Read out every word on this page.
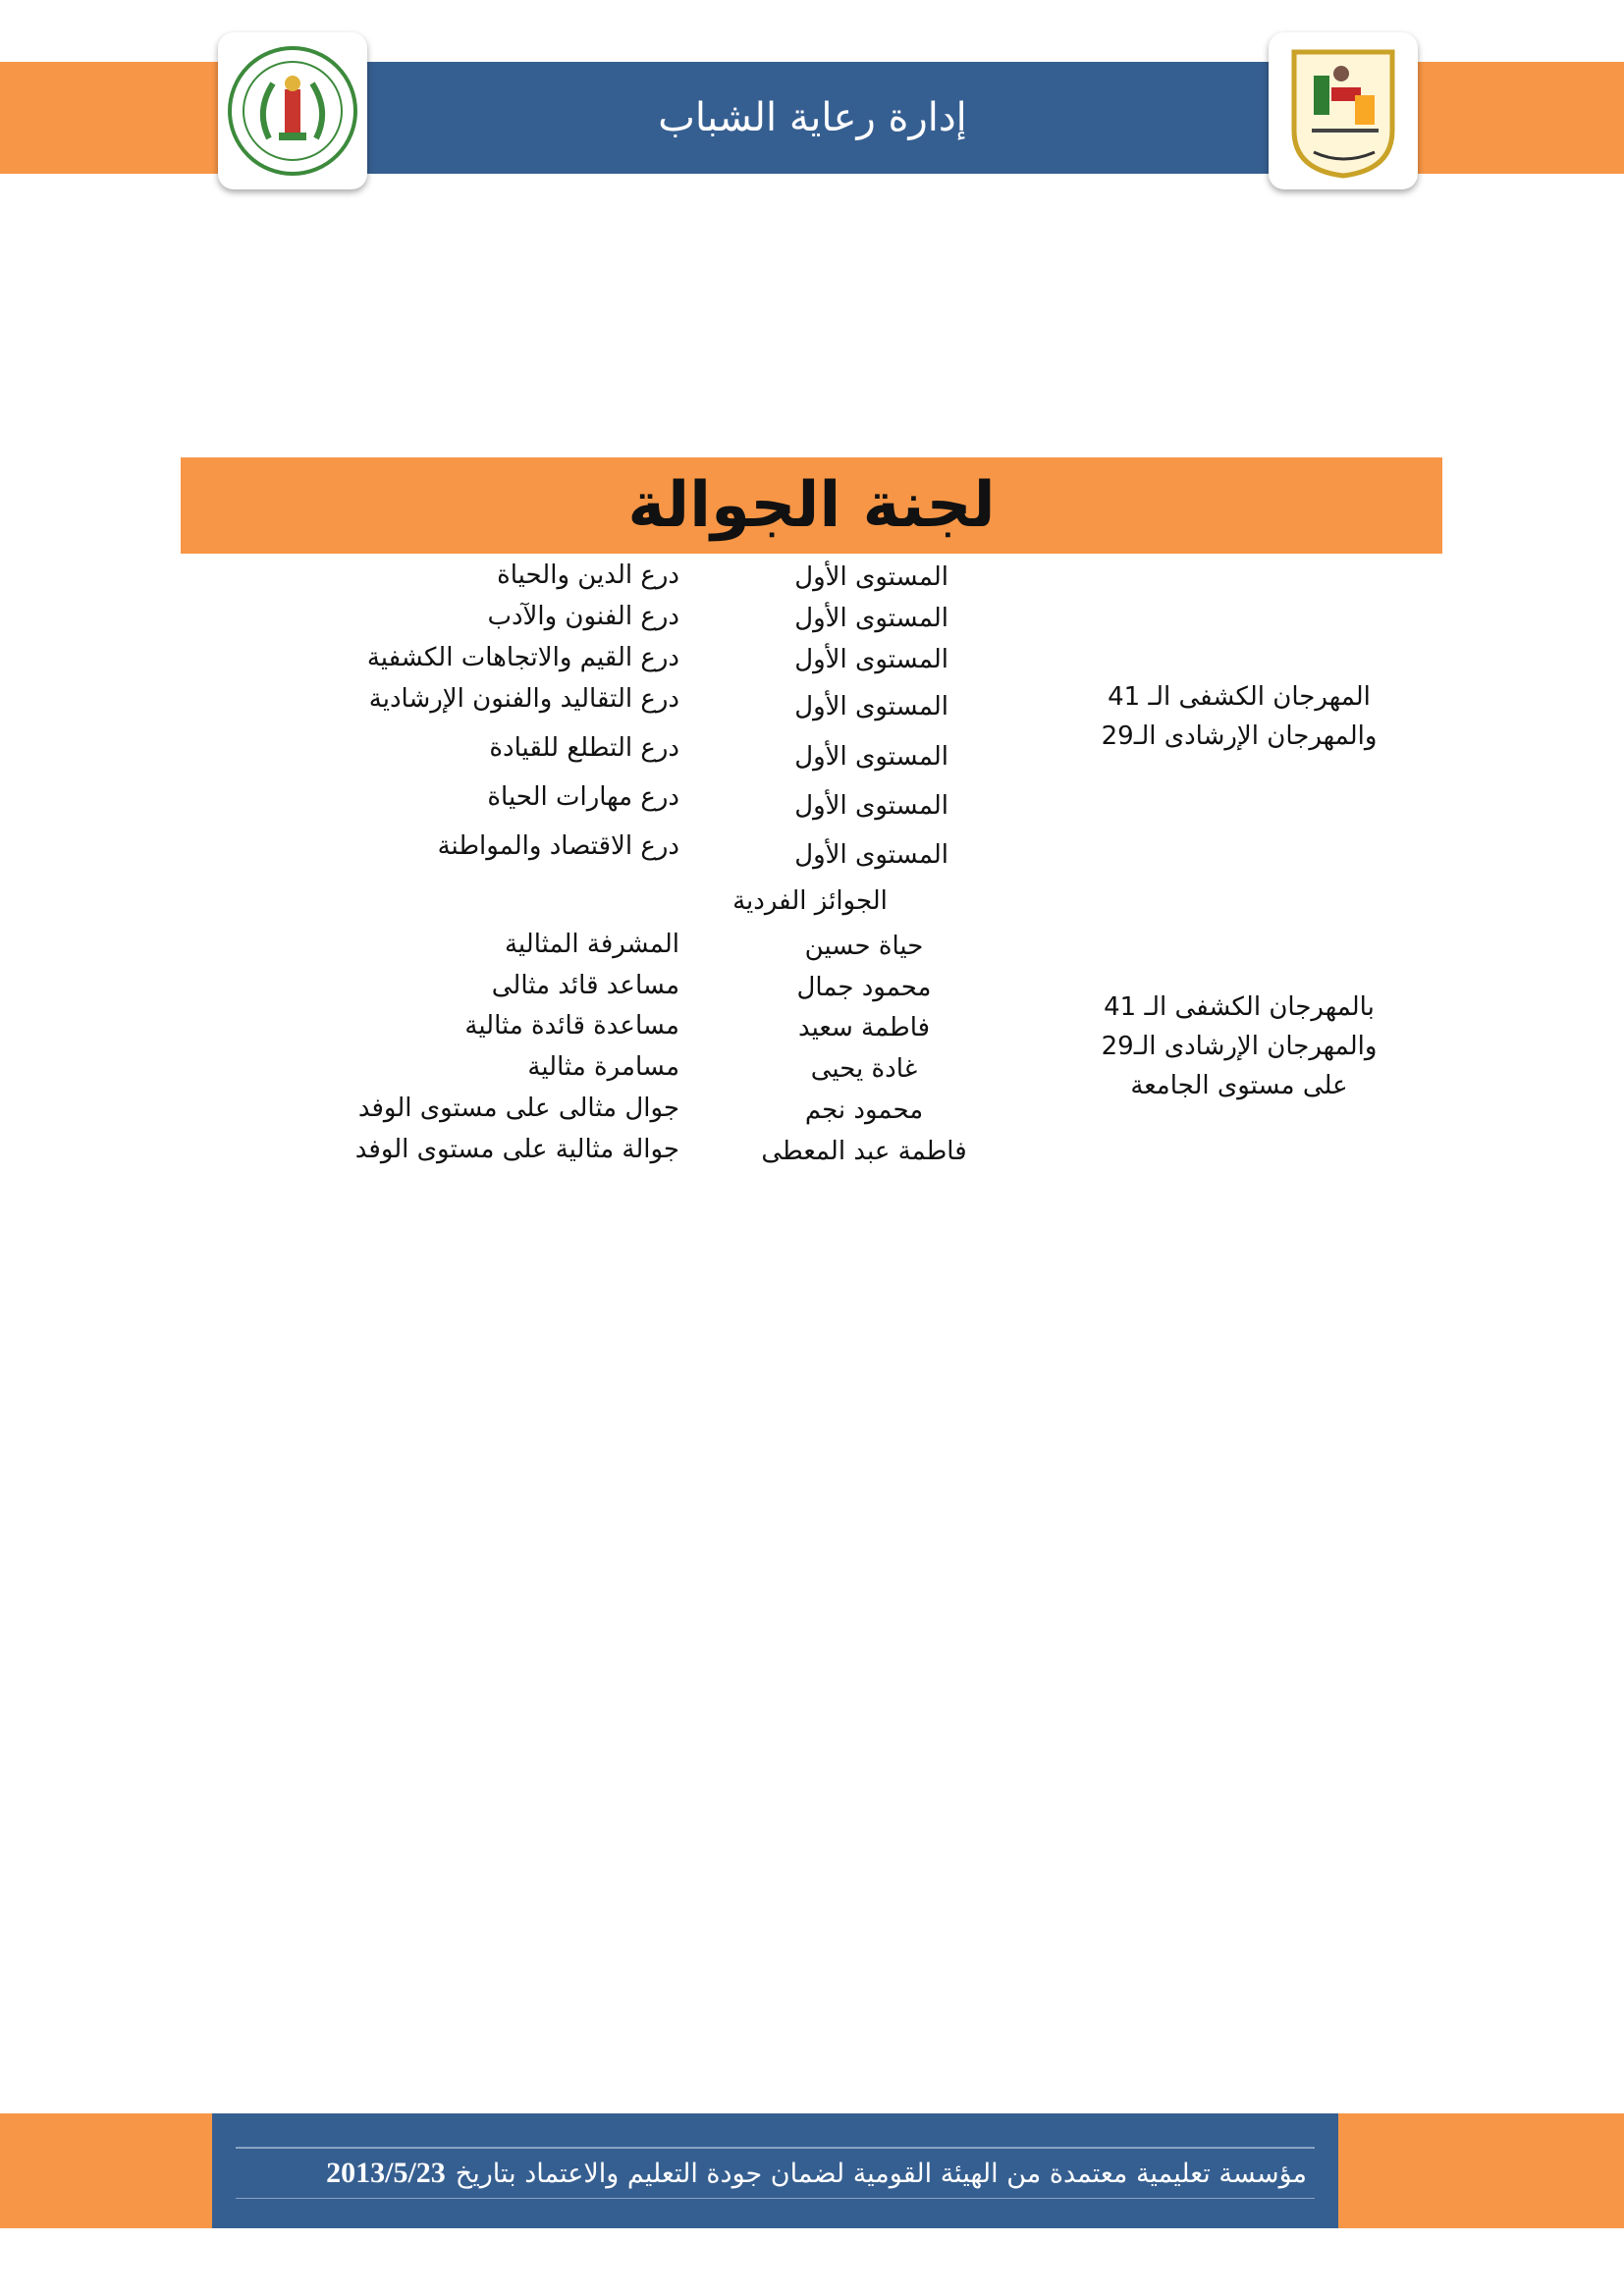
إدارة رعاية الشباب
لجنة الجوالة
درع الدين والحياة
درع الفنون والآدب
درع القيم والاتجاهات الكشفية
درع التقاليد والفنون الإرشادية
درع التطلع للقيادة
درع مهارات الحياة
درع الاقتصاد والمواطنة
المستوى الأول
المستوى الأول
المستوى الأول
المستوى الأول
المستوى الأول
المستوى الأول
المستوى الأول
المهرجان الكشفى الـ 41
والمهرجان الإرشادى الـ29
الجوائز الفردية
المشرفة المثالية
مساعد قائد مثالى
مساعدة قائدة مثالية
مسامرة مثالية
جوال مثالى على مستوى الوفد
جوالة مثالية على مستوى الوفد
حياة حسين
محمود جمال
فاطمة سعيد
غادة يحيى
محمود نجم
فاطمة عبد المعطى
بالمهرجان الكشفى الـ 41
والمهرجان الإرشادى الـ29
على مستوى الجامعة
مؤسسة تعليمية معتمدة من الهيئة القومية لضمان جودة التعليم والاعتماد بتاريخ
2013/5/23
